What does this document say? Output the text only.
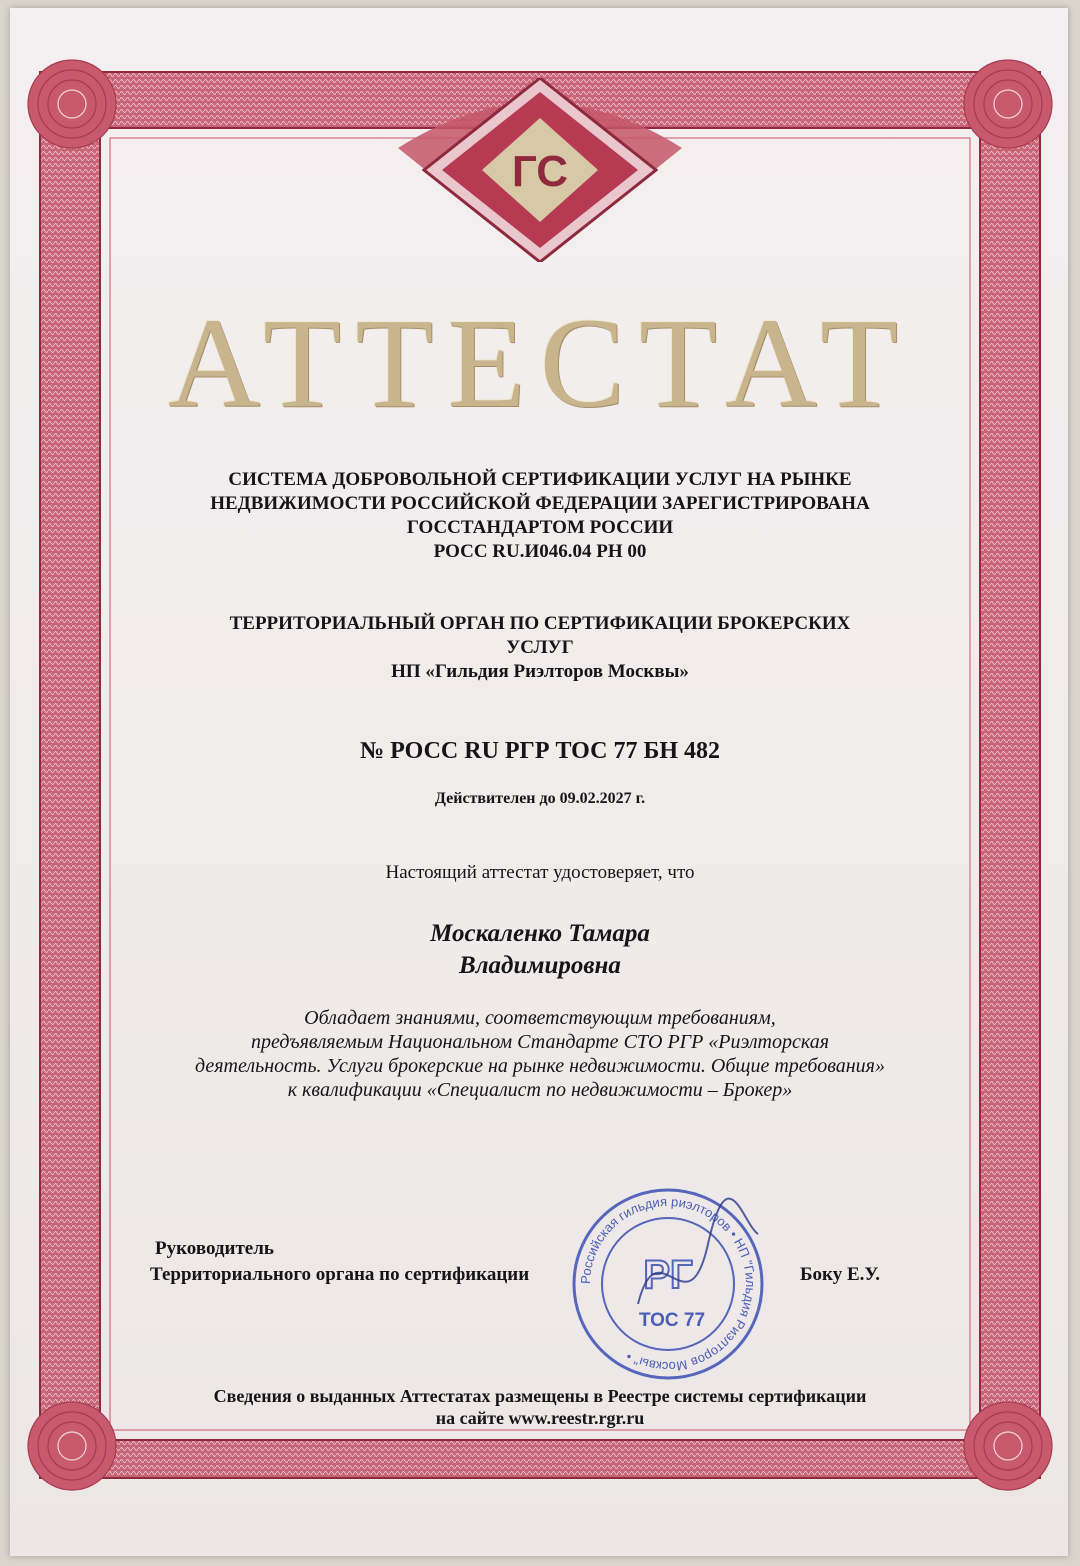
ГС
АТТЕСТАТ
СИСТЕМА ДОБРОВОЛЬНОЙ СЕРТИФИКАЦИИ УСЛУГ НА РЫНКЕ
НЕДВИЖИМОСТИ РОССИЙСКОЙ ФЕДЕРАЦИИ ЗАРЕГИСТРИРОВАНА
ГОССТАНДАРТОМ РОССИИ
РОСС RU.И046.04 РН 00
ТЕРРИТОРИАЛЬНЫЙ ОРГАН ПО СЕРТИФИКАЦИИ БРОКЕРСКИХ
УСЛУГ
НП «Гильдия Риэлторов Москвы»
№ РОСС RU РГР ТОС 77 БН 482
Действителен до 09.02.2027 г.
Настоящий аттестат удостоверяет, что
Москаленко Тамара
Владимировна
Обладает знаниями, соответствующим требованиям,
предъявляемым Национальном Стандарте СТО РГР «Риэлторская
деятельность. Услуги брокерские на рынке недвижимости. Общие требования»
к квалификации «Специалист по недвижимости – Брокер»
Руководитель
Территориального органа по сертификации	Боку Е.У.
Российская гильдия риэлторов • НП "Гильдия Риэлторов Москвы" •
РГ
ТОС 77
Сведения о выданных Аттестатах размещены в Реестре системы сертификации
на сайте www.reestr.rgr.ru
